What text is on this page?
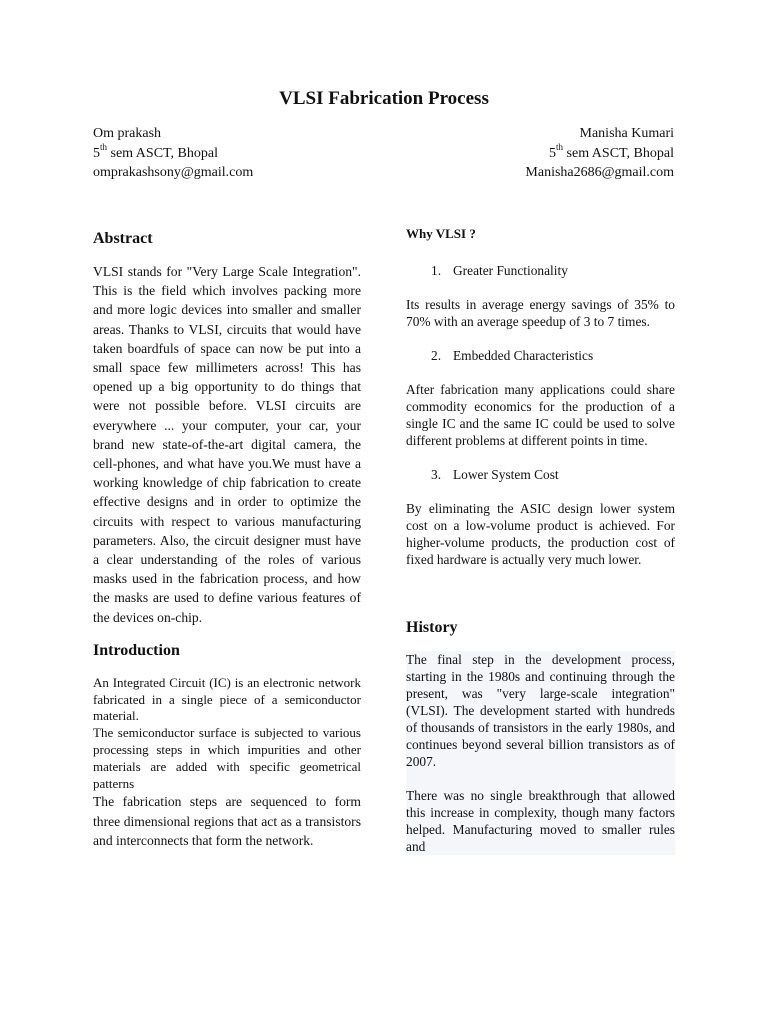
VLSI Fabrication Process
Om prakash
5th sem ASCT, Bhopal
omprakashsony@gmail.com
Manisha Kumari
5th sem ASCT, Bhopal
Manisha2686@gmail.com
Abstract

VLSI stands for "Very Large Scale Integration". This is the field which involves packing more and more logic devices into smaller and smaller areas. Thanks to VLSI, circuits that would have taken boardfuls of space can now be put into a small space few millimeters across! This has opened up a big opportunity to do things that were not possible before. VLSI circuits are everywhere ... your computer, your car, your brand new state-of-the-art digital camera, the cell-phones, and what have you.We must have a working knowledge of chip fabrication to create effective designs and in order to optimize the circuits with respect to various manufacturing parameters. Also, the circuit designer must have a clear understanding of the roles of various masks used in the fabrication process, and how the masks are used to define various features of the devices on-chip.

Introduction

An Integrated Circuit (IC) is an electronic network fabricated in a single piece of a semiconductor material.

The semiconductor surface is subjected to various processing steps in which impurities and other materials are added with specific geometrical patterns

The fabrication steps are sequenced to form three dimensional regions that act as a transistors and interconnects that form the network.

Why VLSI ?
1. Greater Functionality

Its results in average energy savings of 35% to 70% with an average speedup of 3 to 7 times.

2. Embedded Characteristics

After fabrication many applications could share commodity economics for the production of a single IC and the same IC could be used to solve different problems at different points in time.

3. Lower System Cost

By eliminating the ASIC design lower system cost on a low-volume product is achieved. For higher-volume products, the production cost of fixed hardware is actually very much lower.

History

The final step in the development process, starting in the 1980s and continuing through the present, was "very large-scale integration" (VLSI). The development started with hundreds of thousands of transistors in the early 1980s, and continues beyond several billion transistors as of 2007.

There was no single breakthrough that allowed this increase in complexity, though many factors helped. Manufacturing moved to smaller rules and
